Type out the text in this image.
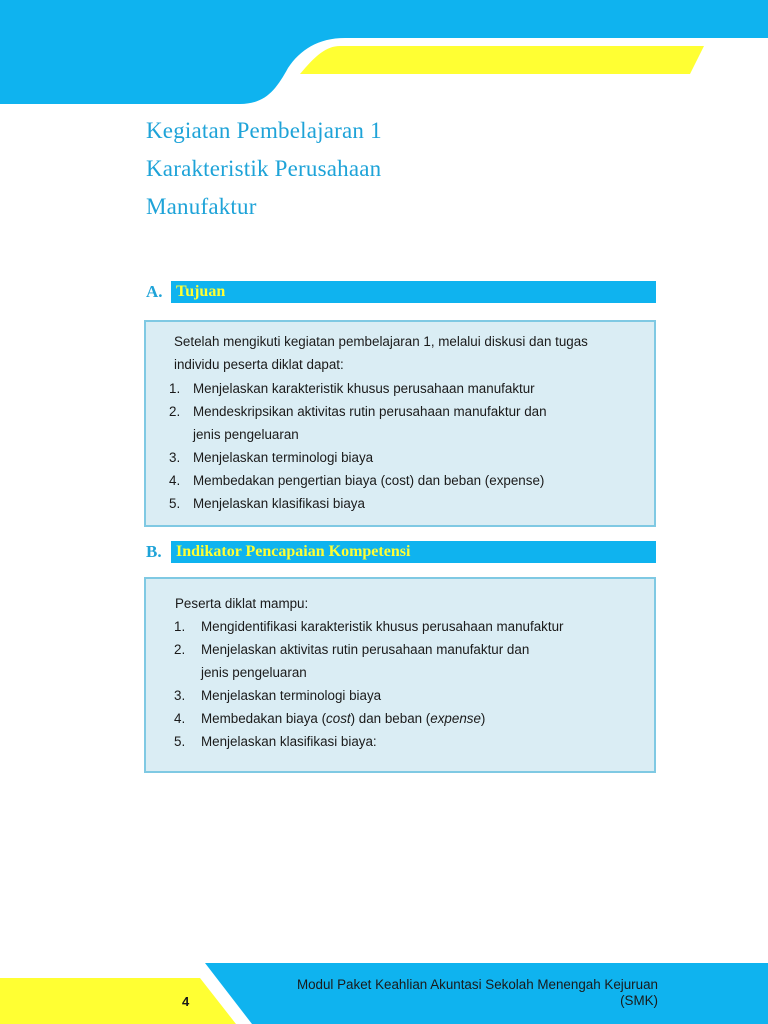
Kegiatan Pembelajaran 1
Karakteristik Perusahaan
Manufaktur
A. Tujuan
Setelah mengikuti kegiatan pembelajaran 1, melalui diskusi dan tugas
individu peserta diklat dapat:
1. Menjelaskan karakteristik khusus perusahaan manufaktur
2. Mendeskripsikan aktivitas rutin perusahaan manufaktur dan
jenis pengeluaran
3. Menjelaskan terminologi biaya
4. Membedakan pengertian biaya (cost) dan beban (expense)
5. Menjelaskan klasifikasi biaya
B. Indikator Pencapaian Kompetensi
Peserta diklat mampu:
1.	Mengidentifikasi karakteristik khusus perusahaan manufaktur
2.	Menjelaskan aktivitas rutin perusahaan manufaktur dan
jenis pengeluaran
3.	Menjelaskan terminologi biaya
4.	Membedakan biaya (cost) dan beban (expense)
5.	Menjelaskan klasifikasi biaya:
4
Modul Paket Keahlian Akuntasi Sekolah Menengah Kejuruan
(SMK)
